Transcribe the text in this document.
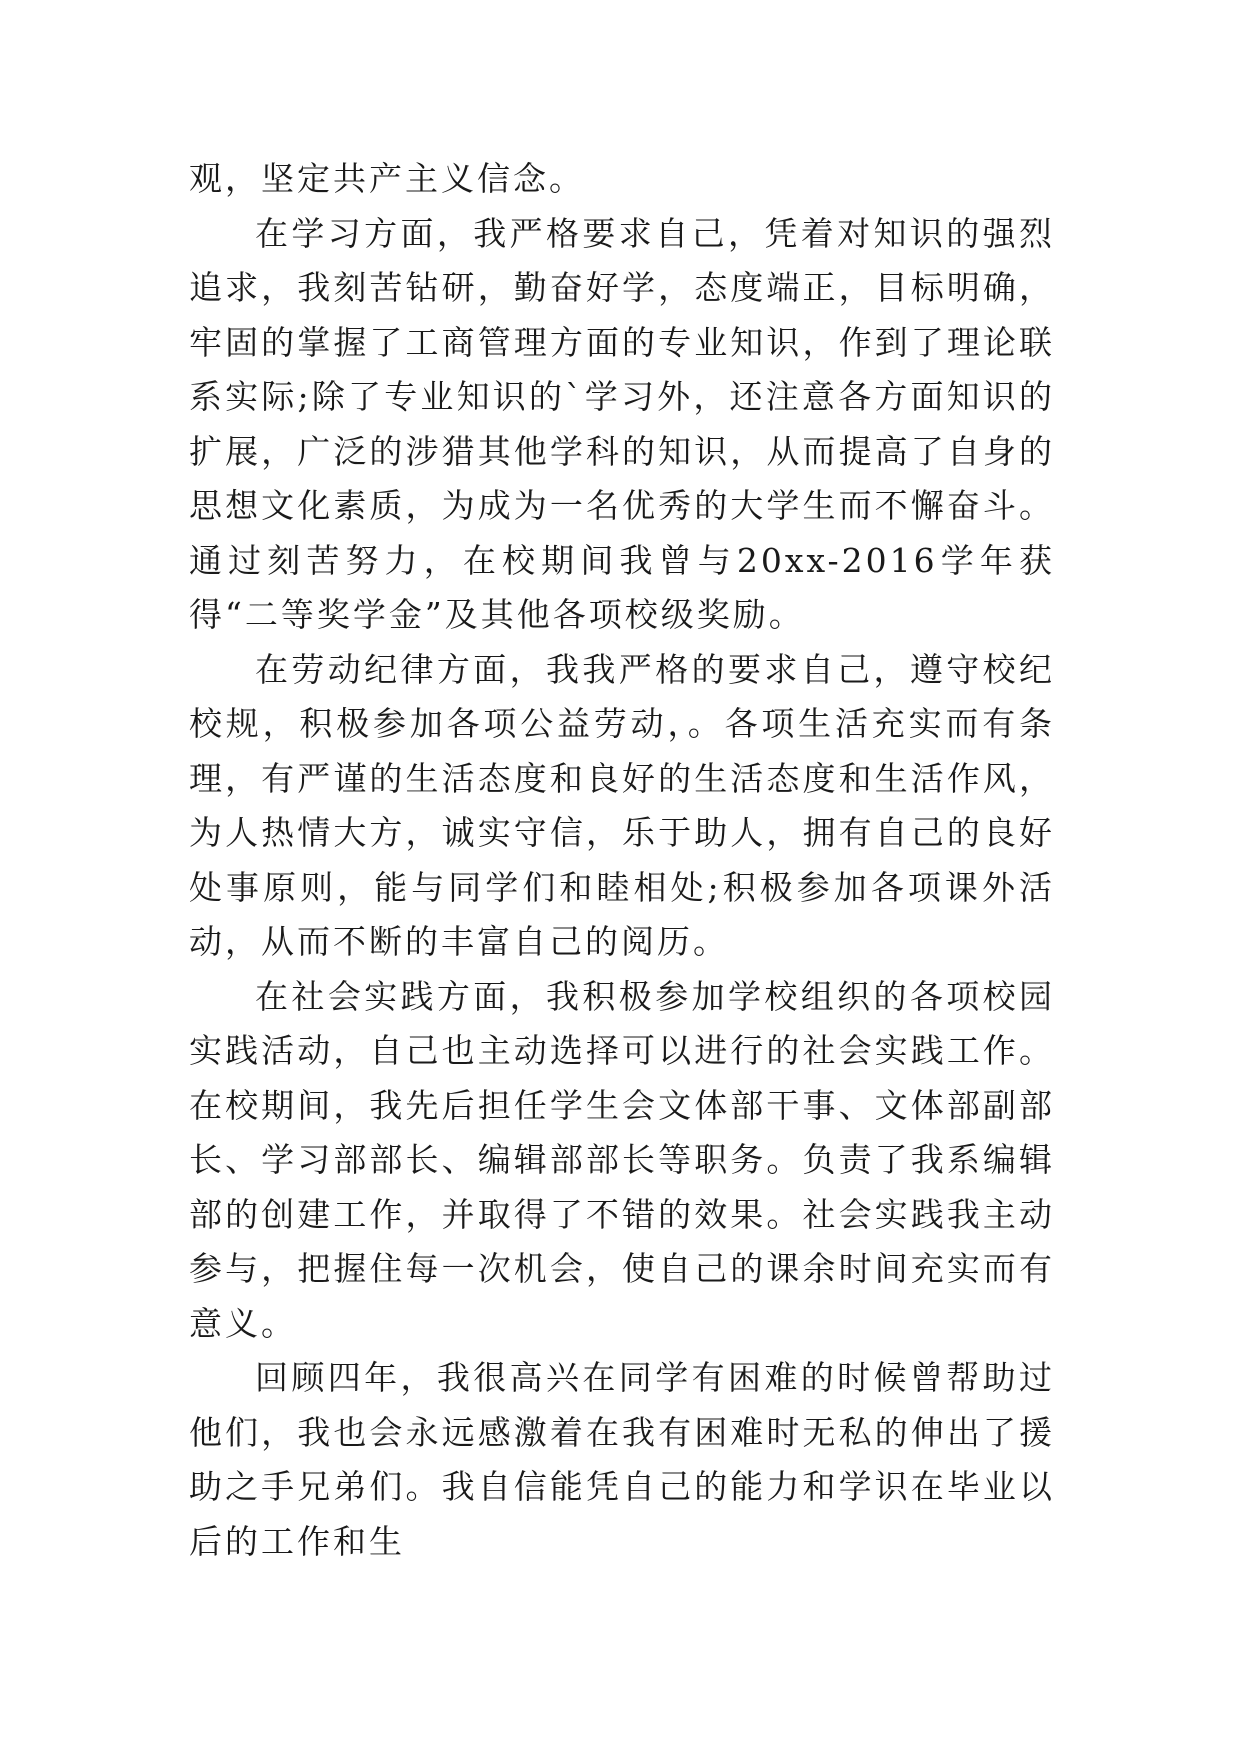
观，坚定共产主义信念。

在学习方面，我严格要求自己，凭着对知识的强烈追求，我刻苦钻研，勤奋好学，态度端正，目标明确，牢固的掌握了工商管理方面的专业知识，作到了理论联系实际;除了专业知识的`学习外，还注意各方面知识的扩展，广泛的涉猎其他学科的知识，从而提高了自身的思想文化素质，为成为一名优秀的大学生而不懈奋斗。通过刻苦努力，在校期间我曾与20xx-2016学年获得“二等奖学金”及其他各项校级奖励。

在劳动纪律方面，我我严格的要求自己，遵守校纪校规，积极参加各项公益劳动，。各项生活充实而有条理，有严谨的生活态度和良好的生活态度和生活作风，为人热情大方，诚实守信，乐于助人，拥有自己的良好处事原则，能与同学们和睦相处;积极参加各项课外活动，从而不断的丰富自己的阅历。

在社会实践方面，我积极参加学校组织的各项校园实践活动，自己也主动选择可以进行的社会实践工作。在校期间，我先后担任学生会文体部干事、文体部副部长、学习部部长、编辑部部长等职务。负责了我系编辑部的创建工作，并取得了不错的效果。社会实践我主动参与，把握住每一次机会，使自己的课余时间充实而有意义。

回顾四年，我很高兴在同学有困难的时候曾帮助过他们，我也会永远感激着在我有困难时无私的伸出了援助之手兄弟们。我自信能凭自己的能力和学识在毕业以后的工作和生
